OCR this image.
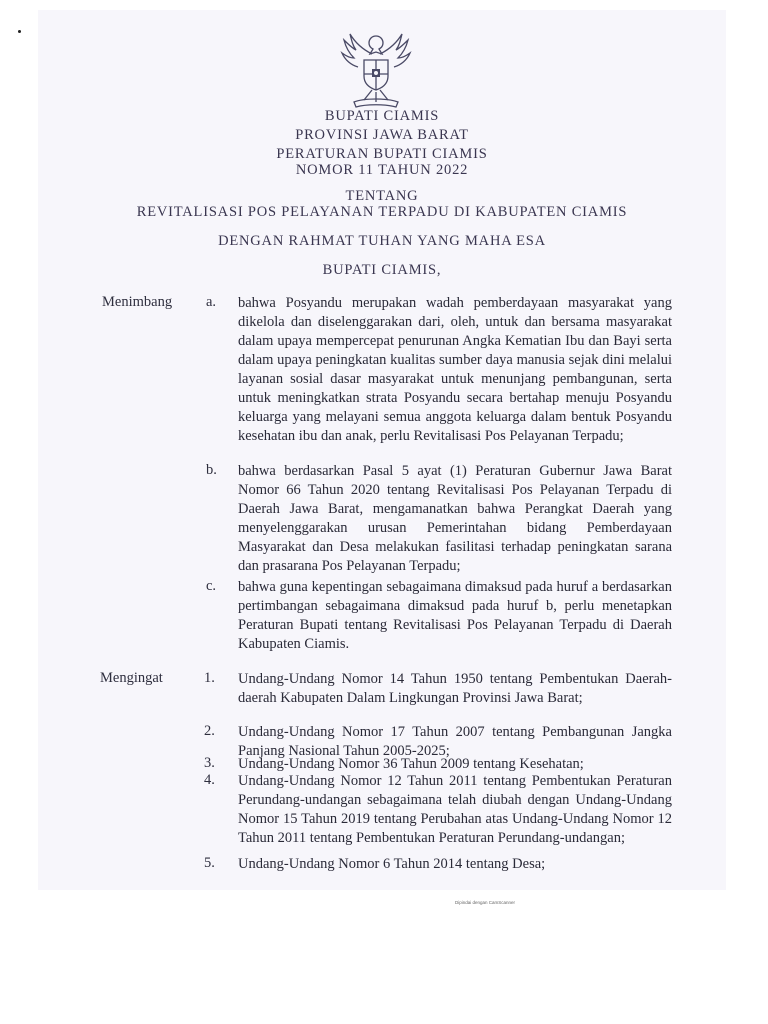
BUPATI CIAMIS
PROVINSI JAWA BARAT
PERATURAN BUPATI CIAMIS
NOMOR 11 TAHUN 2022
TENTANG
REVITALISASI POS PELAYANAN TERPADU DI KABUPATEN CIAMIS
DENGAN RAHMAT TUHAN YANG MAHA ESA
BUPATI CIAMIS,
Menimbang a. bahwa Posyandu merupakan wadah pemberdayaan masyarakat yang dikelola dan diselenggarakan dari, oleh, untuk dan bersama masyarakat dalam upaya mempercepat penurunan Angka Kematian Ibu dan Bayi serta dalam upaya peningkatan kualitas sumber daya manusia sejak dini melalui layanan sosial dasar masyarakat untuk menunjang pembangunan, serta untuk meningkatkan strata Posyandu secara bertahap menuju Posyandu keluarga yang melayani semua anggota keluarga dalam bentuk Posyandu kesehatan ibu dan anak, perlu Revitalisasi Pos Pelayanan Terpadu;
b. bahwa berdasarkan Pasal 5 ayat (1) Peraturan Gubernur Jawa Barat Nomor 66 Tahun 2020 tentang Revitalisasi Pos Pelayanan Terpadu di Daerah Jawa Barat, mengamanatkan bahwa Perangkat Daerah yang menyelenggarakan urusan Pemerintahan bidang Pemberdayaan Masyarakat dan Desa melakukan fasilitasi terhadap peningkatan sarana dan prasarana Pos Pelayanan Terpadu;
c. bahwa guna kepentingan sebagaimana dimaksud pada huruf a berdasarkan pertimbangan sebagaimana dimaksud pada huruf b, perlu menetapkan Peraturan Bupati tentang Revitalisasi Pos Pelayanan Terpadu di Daerah Kabupaten Ciamis.
Mengingat	1. Undang-Undang Nomor 14 Tahun 1950 tentang Pembentukan Daerah-daerah Kabupaten Dalam Lingkungan Provinsi Jawa Barat;
2. Undang-Undang Nomor 17 Tahun 2007 tentang Pembangunan Jangka Panjang Nasional Tahun 2005-2025;
3. Undang-Undang Nomor 36 Tahun 2009 tentang Kesehatan;
4. Undang-Undang Nomor 12 Tahun 2011 tentang Pembentukan Peraturan Perundang-undangan sebagaimana telah diubah dengan Undang-Undang Nomor 15 Tahun 2019 tentang Perubahan atas Undang-Undang Nomor 12 Tahun 2011 tentang Pembentukan Peraturan Perundang-undangan;
5. Undang-Undang Nomor 6 Tahun 2014 tentang Desa;
Dipindai dengan CamScanner
